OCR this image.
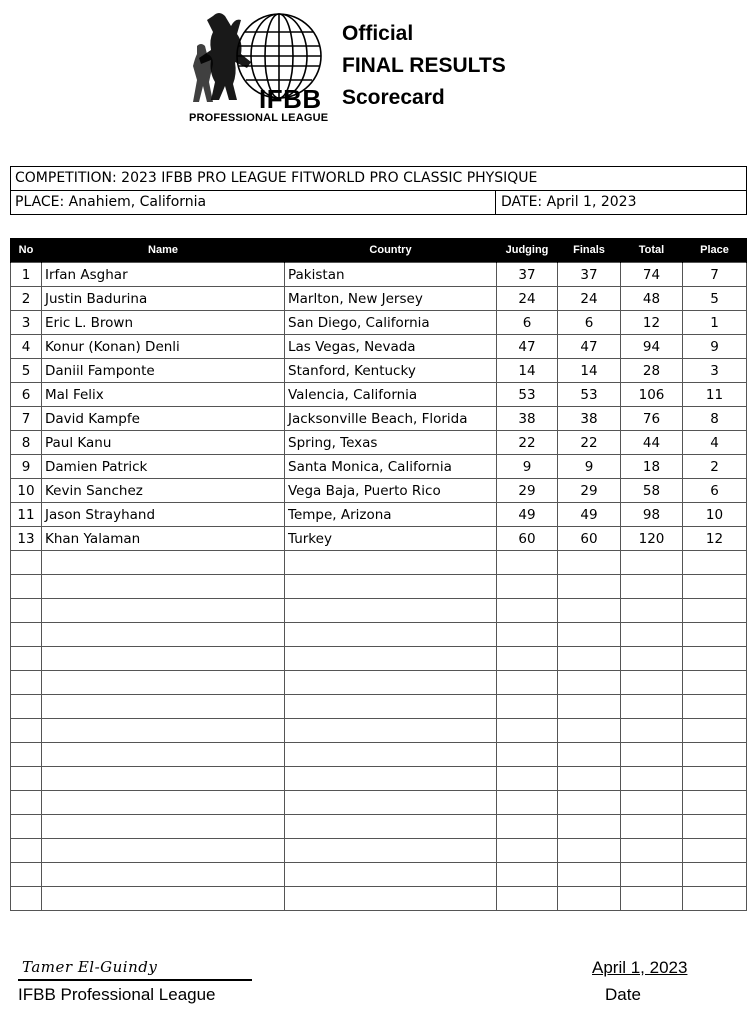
IFBB
PROFESSIONAL LEAGUE
Official
FINAL RESULTS
Scorecard
COMPETITION: 2023 IFBB PRO LEAGUE FITWORLD PRO CLASSIC PHYSIQUE
PLACE: Anahiem, California	DATE: April 1, 2023
No	Name	Country	Judging	Finals	Total	Place
1	Irfan Asghar	Pakistan	37	37	74	7
2	Justin Badurina	Marlton, New Jersey	24	24	48	5
3	Eric L. Brown	San Diego, California	6	6	12	1
4	Konur (Konan) Denli	Las Vegas, Nevada	47	47	94	9
5	Daniil Famponte	Stanford, Kentucky	14	14	28	3
6	Mal Felix	Valencia, California	53	53	106	11
7	David Kampfe	Jacksonville Beach, Florida	38	38	76	8
8	Paul Kanu	Spring, Texas	22	22	44	4
9	Damien Patrick	Santa Monica, California	9	9	18	2
10	Kevin Sanchez	Vega Baja, Puerto Rico	29	29	58	6
11	Jason Strayhand	Tempe, Arizona	49	49	98	10
13	Khan Yalaman	Turkey	60	60	120	12

Tamer El-Guindy
IFBB Professional League
April 1, 2023
Date
